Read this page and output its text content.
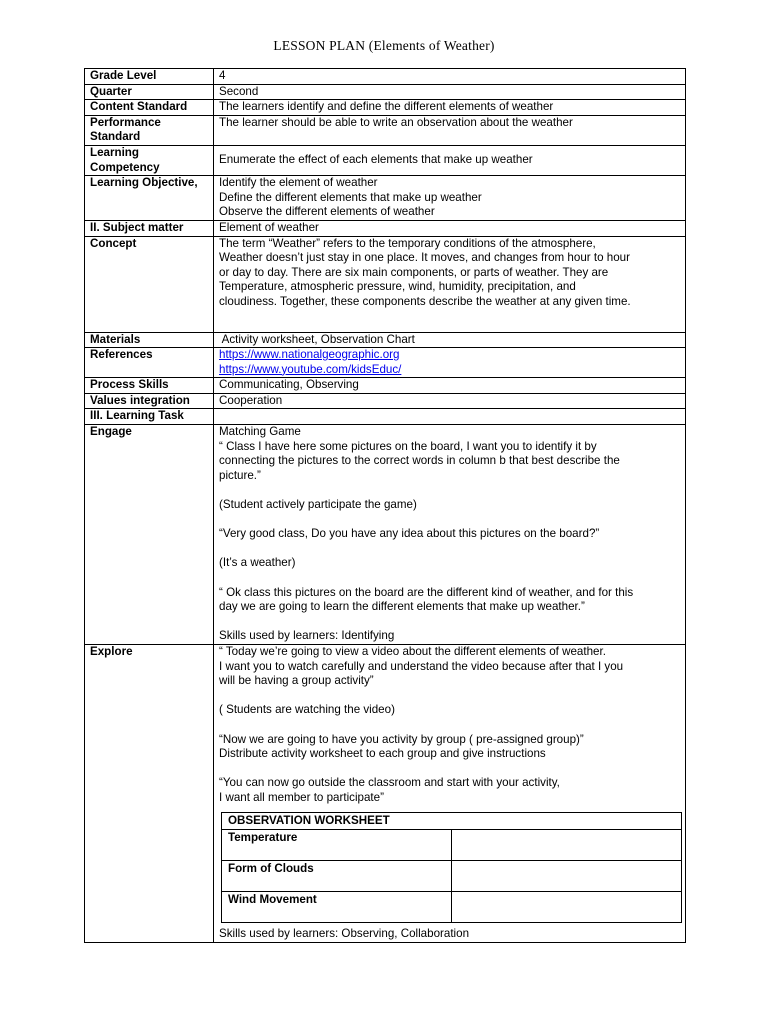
LESSON PLAN (Elements of Weather)
Grade Level	4
Quarter	Second
Content Standard	The learners identify and define the different elements of weather

Performance
Standard
	The learner should be able to write an observation about the weather

Learning
Competency
	Enumerate the effect of each elements that make up weather
Learning Objective,	Identify the element of weather
Define the different elements that make up weather
Observe the different elements of weather

II. Subject matter	Element of weather
Concept	The term “Weather” refers to the temporary conditions of the atmosphere,
Weather doesn’t just stay in one place. It moves, and changes from hour to hour
or day to day. There are six main components, or parts of weather. They are
Temperature, atmospheric pressure, wind, humidity, precipitation, and
cloudiness. Together, these components describe the weather at any given time.

Materials	Activity worksheet, Observation Chart
References	https://www.nationalgeographic.org
https://www.youtube.com/kidsEduc/

Process Skills	Communicating, Observing
Values integration	Cooperation
III. Learning Task	
Engage	Matching Game
“ Class I have here some pictures on the board, I want you to identify it by
connecting the pictures to the correct words in column b that best describe the
picture.”
(Student actively participate the game)
“Very good class, Do you have any idea about this pictures on the board?”
(It’s a weather)
“ Ok class this pictures on the board are the different kind of weather, and for this
day we are going to learn the different elements that make up weather.”
Skills used by learners: Identifying

Explore	“ Today we’re going to view a video about the different elements of weather.
I want you to watch carefully and understand the video because after that I you
will be having a group activity”
( Students are watching the video)
“Now we are going to have you activity by group ( pre-assigned group)”
Distribute activity worksheet to each group and give instructions
“You can now go outside the classroom and start with your activity,
I want all member to participate”
OBSERVATION WORKSHEET
Temperature	
Form of Clouds	
Wind Movement	
Skills used by learners: Observing, Collaboration
